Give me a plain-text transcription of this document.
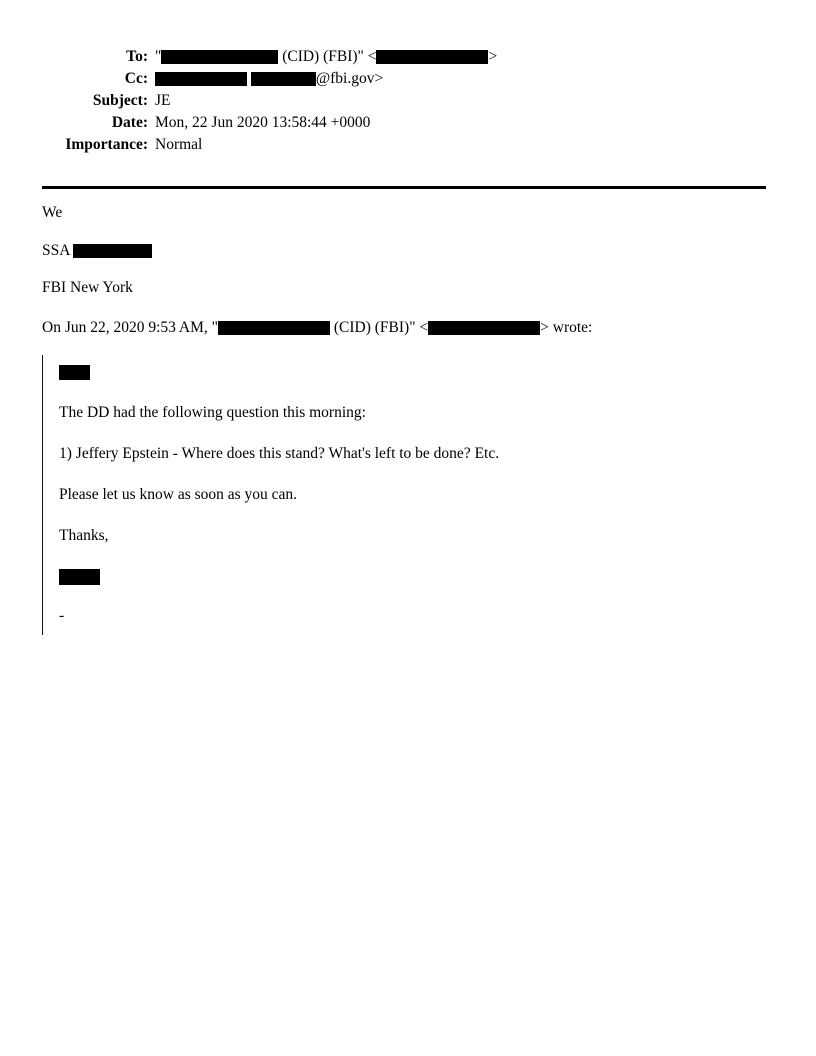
To: "	(CID) (FBI)" <	>
Cc:
	@fbi.gov>
Subject: JE
Date: Mon, 22 Jun 2020 13:58:44 +0000
Importance: Normal

We

SSA

FBI New York

On Jun 22, 2020 9:53 AM, "	(CID) (FBI)" <	> wrote:

The DD had the following question this morning:

1) Jeffery Epstein - Where does this stand? What's left to be done? Etc.

Please let us know as soon as you can.

Thanks,

-
